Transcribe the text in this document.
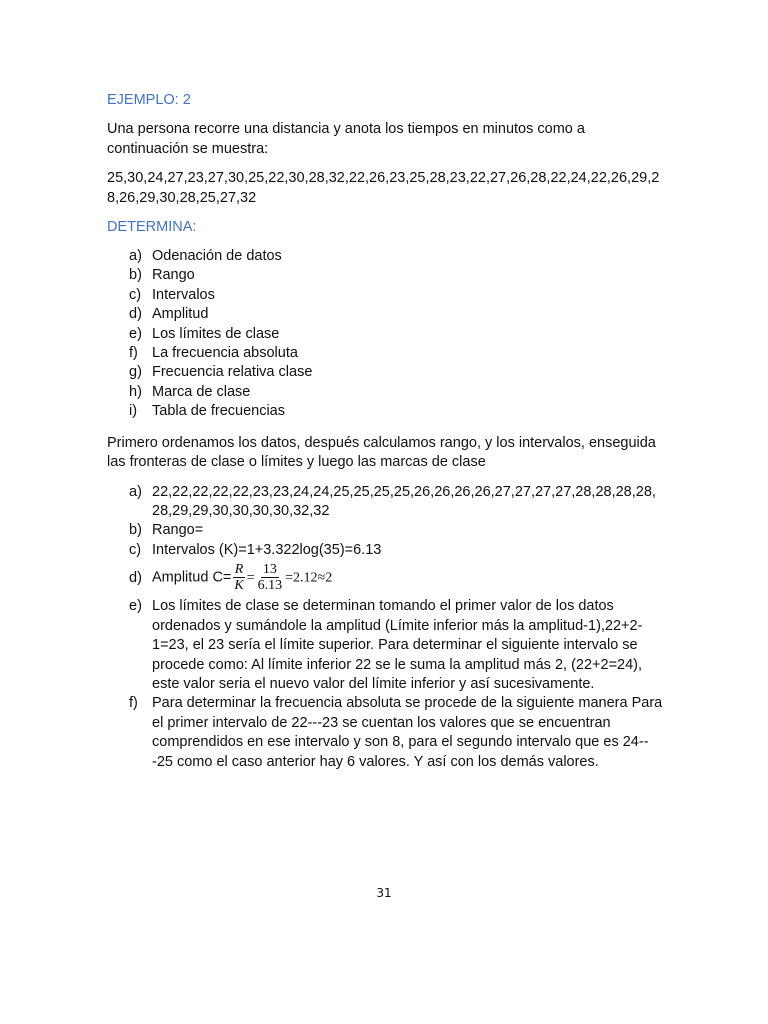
EJEMPLO: 2

Una persona recorre una distancia y anota los tiempos en minutos como a continuación se muestra:

25,30,24,27,23,27,30,25,22,30,28,32,22,26,23,25,28,23,22,27,26,28,22,24,22,26,29,28,26,29,30,28,25,27,32

DETERMINA:

a) Odenación de datos
b) Rango
c) Intervalos
d) Amplitud
e) Los límites de clase
f) La frecuencia absoluta
g) Frecuencia relativa clase
h) Marca de clase
i)	Tabla de frecuencias

Primero ordenamos los datos, después calculamos rango, y los intervalos, enseguida las fronteras de clase o límites y luego las marcas de clase

a) 22,22,22,22,22,23,23,24,24,25,25,25,25,26,26,26,26,27,27,27,27,28,28,28,28,28,29,29,30,30,30,30,32,32
b) Rango=
c) Intervalos (K)=1+3.322log(35)=6.13
d) Amplitud $C= \frac{R}{K} = \frac{13}{6.13} =2.12\approx 2$
e) Los límites de clase se determinan tomando el primer valor de los datos ordenados y sumándole la amplitud (Límite inferior más la amplitud-1),22+2-1=23, el 23 sería el límite superior. Para determinar el siguiente intervalo se procede como: Al límite inferior 22 se le suma la amplitud más 2, (22+2=24), este valor seria el nuevo valor del límite inferior y así sucesivamente.
f) Para determinar la frecuencia absoluta se procede de la siguiente manera Para el primer intervalo de 22---23 se cuentan los valores que se encuentran comprendidos en ese intervalo y son 8, para el segundo intervalo que es 24---25 como el caso anterior hay 6 valores. Y así con los demás valores.
31
